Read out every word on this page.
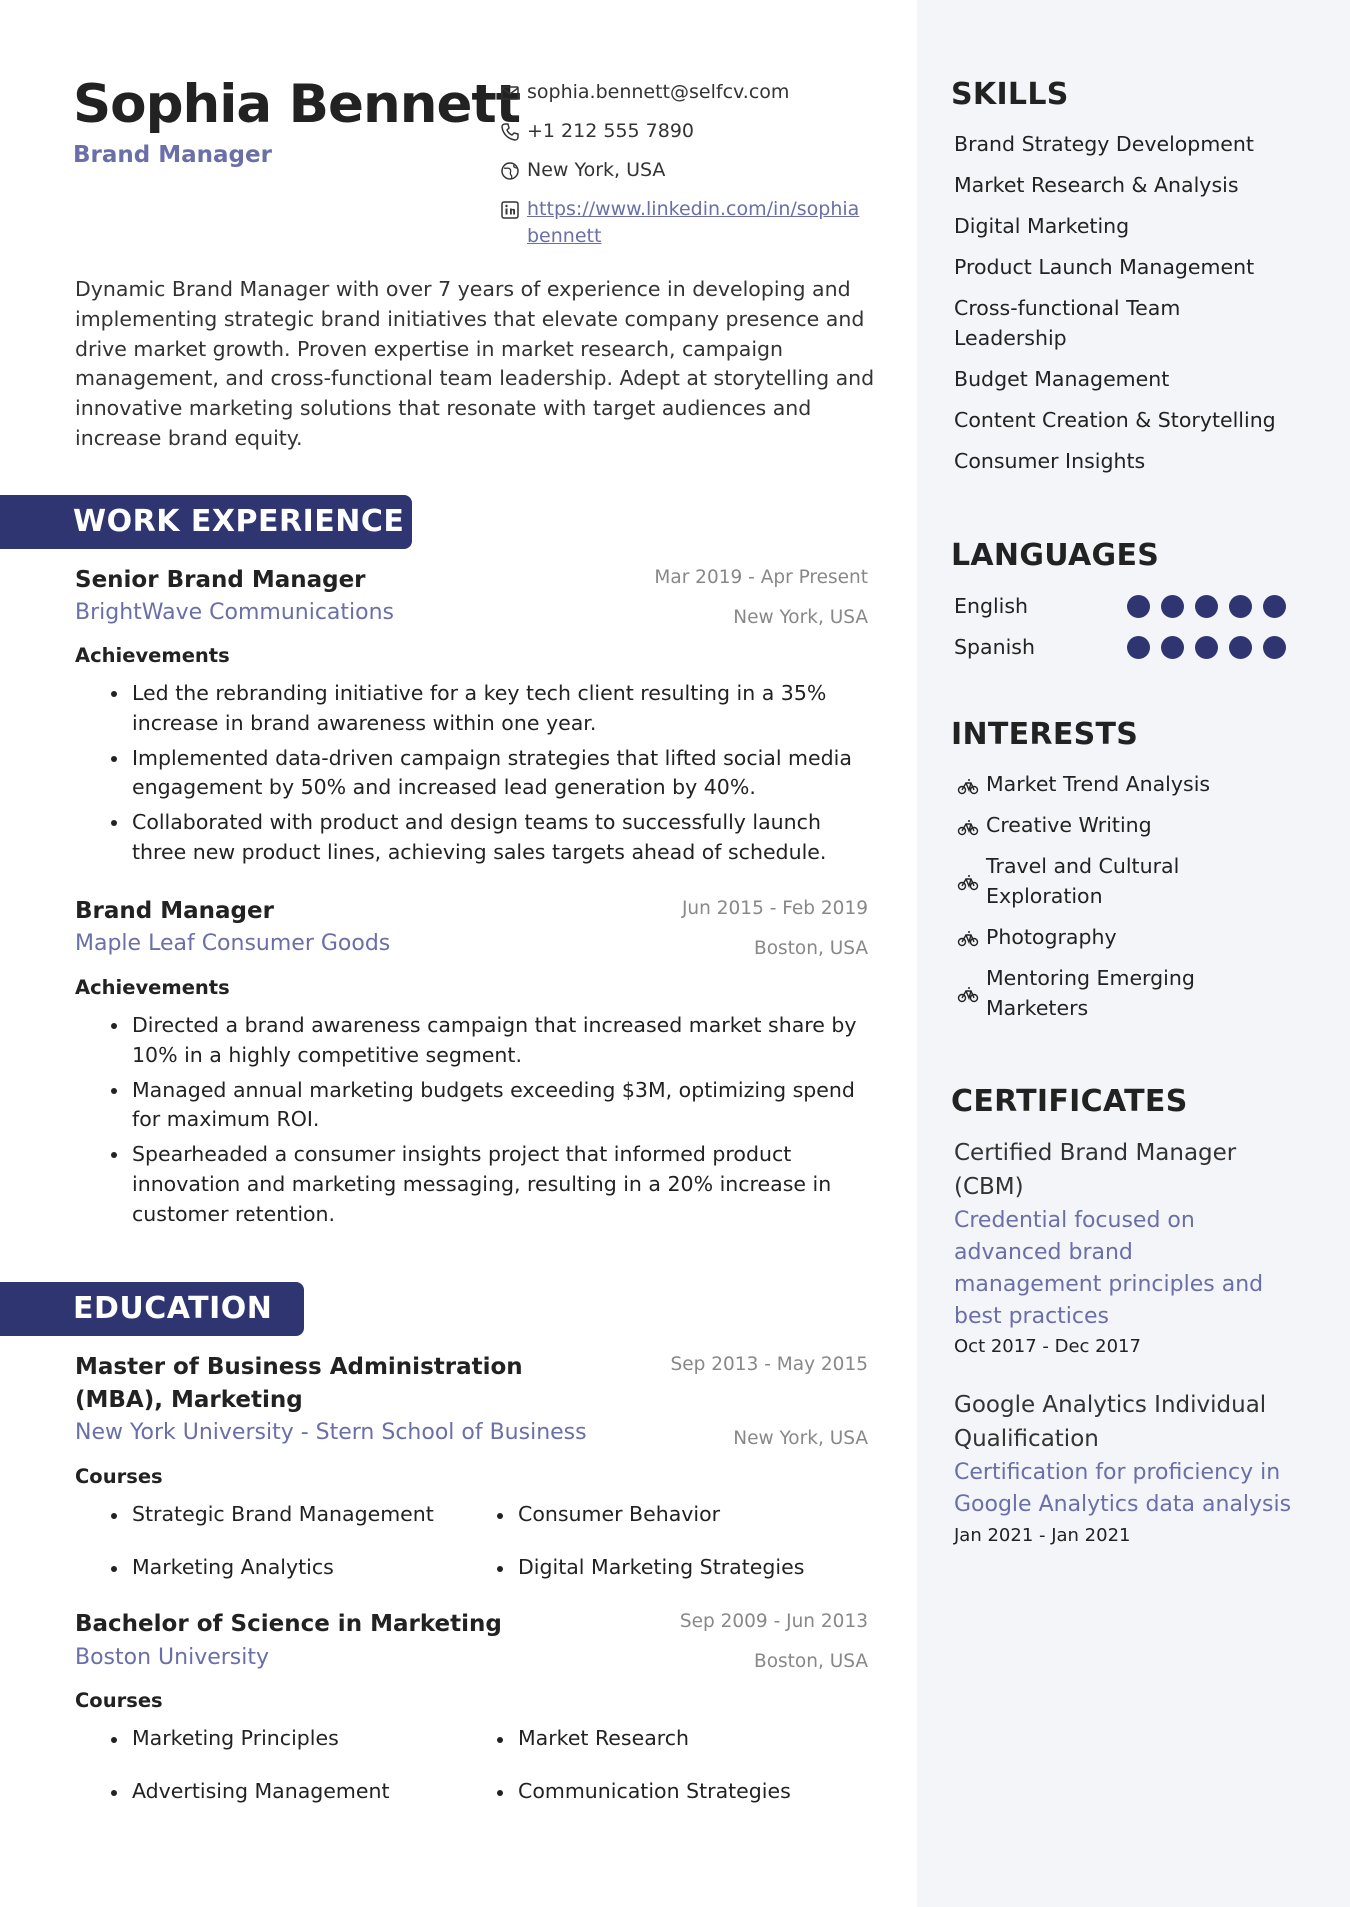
Sophia Bennett
Brand Manager
sophia.bennett@selfcv.com
+1 212 555 7890
New York, USA
https://www.linkedin.com/in/sophiabennett
Dynamic Brand Manager with over 7 years of experience in developing and implementing strategic brand initiatives that elevate company presence and drive market growth. Proven expertise in market research, campaign management, and cross-functional team leadership. Adept at storytelling and innovative marketing solutions that resonate with target audiences and increase brand equity.
WORK EXPERIENCE
Senior Brand Manager
BrightWave Communications
Mar 2019 - Apr Present
New York, USA
Achievements
Led the rebranding initiative for a key tech client resulting in a 35% increase in brand awareness within one year.
Implemented data-driven campaign strategies that lifted social media engagement by 50% and increased lead generation by 40%.
Collaborated with product and design teams to successfully launch three new product lines, achieving sales targets ahead of schedule.
Brand Manager
Maple Leaf Consumer Goods
Jun 2015 - Feb 2019
Boston, USA
Achievements
Directed a brand awareness campaign that increased market share by 10% in a highly competitive segment.
Managed annual marketing budgets exceeding $3M, optimizing spend for maximum ROI.
Spearheaded a consumer insights project that informed product innovation and marketing messaging, resulting in a 20% increase in customer retention.
EDUCATION
Master of Business Administration (MBA), Marketing
New York University - Stern School of Business
Sep 2013 - May 2015
New York, USA
Courses
Strategic Brand Management	Consumer Behavior
Marketing Analytics	Digital Marketing Strategies
Bachelor of Science in Marketing
Boston University
Sep 2009 - Jun 2013
Boston, USA
Courses
Marketing Principles	Market Research
Advertising Management	Communication Strategies
SKILLS
Brand Strategy Development
Market Research & Analysis
Digital Marketing
Product Launch Management
Cross-functional Team Leadership
Budget Management
Content Creation & Storytelling
Consumer Insights
LANGUAGES
English
Spanish
INTERESTS
Market Trend Analysis
Creative Writing
Travel and Cultural Exploration
Photography
Mentoring Emerging Marketers
CERTIFICATES
Certified Brand Manager (CBM)
Credential focused on advanced brand management principles and best practices
Oct 2017 - Dec 2017
Google Analytics Individual Qualification
Certification for proficiency in Google Analytics data analysis
Jan 2021 - Jan 2021
